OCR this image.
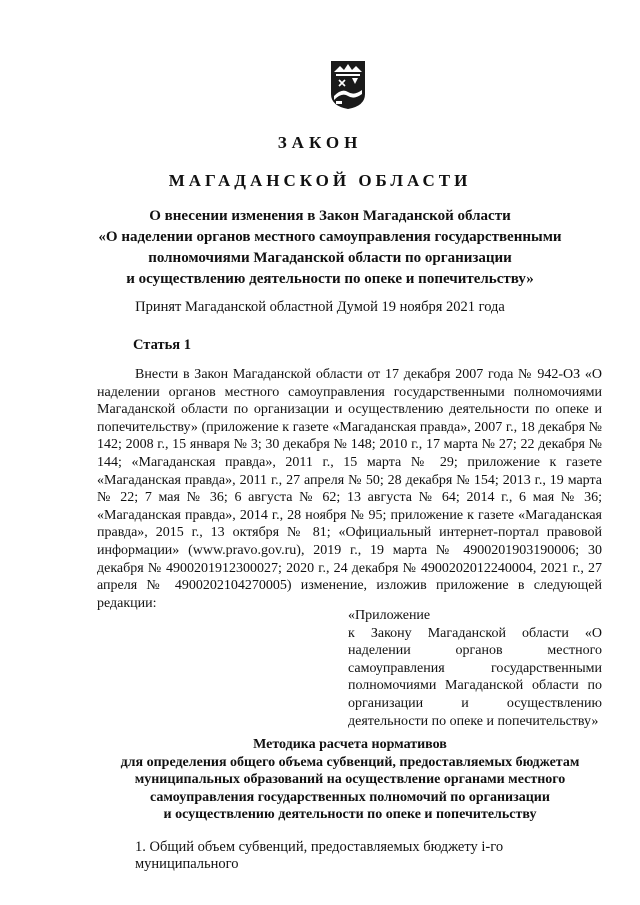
ЗАКОН
МАГАДАНСКОЙ ОБЛАСТИ
О внесении изменения в Закон Магаданской области
«О наделении органов местного самоуправления государственными
полномочиями Магаданской области по организации
и осуществлению деятельности по опеке и попечительству»
Принят Магаданской областной Думой 19 ноября 2021 года
Статья 1
Внести в Закон Магаданской области от 17 декабря 2007 года № 942-ОЗ «О наделении органов местного самоуправления государственными полномочиями Магаданской области по организации и осуществлению деятельности по опеке и попечительству» (приложение к газете «Магаданская правда», 2007 г., 18 декабря № 142; 2008 г., 15 января № 3; 30 декабря № 148; 2010 г., 17 марта № 27; 22 декабря № 144; «Магаданская правда», 2011 г., 15 марта № 29; приложение к газете «Магаданская правда», 2011 г., 27 апреля № 50; 28 декабря № 154; 2013 г., 19 марта № 22; 7 мая № 36; 6 августа № 62; 13 августа № 64; 2014 г., 6 мая № 36; «Магаданская правда», 2014 г., 28 ноября № 95; приложение к газете «Магаданская правда», 2015 г., 13 октября № 81; «Официальный интернет-портал правовой информации» (www.pravo.gov.ru), 2019 г., 19 марта № 4900201903190006; 30 декабря № 4900201912300027; 2020 г., 24 декабря № 4900202012240004, 2021 г., 27 апреля № 4900202104270005) изменение, изложив приложение в следующей редакции:
«Приложение
к Закону Магаданской области «О наделении органов местного самоуправления государственными полномочиями Магаданской области по организации и осуществлению деятельности по опеке и попечительству»
Методика расчета нормативов
для определения общего объема субвенций, предоставляемых бюджетам
муниципальных образований на осуществление органами местного
самоуправления государственных полномочий по организации
и осуществлению деятельности по опеке и попечительству
1. Общий объем субвенций, предоставляемых бюджету i-го муниципального
